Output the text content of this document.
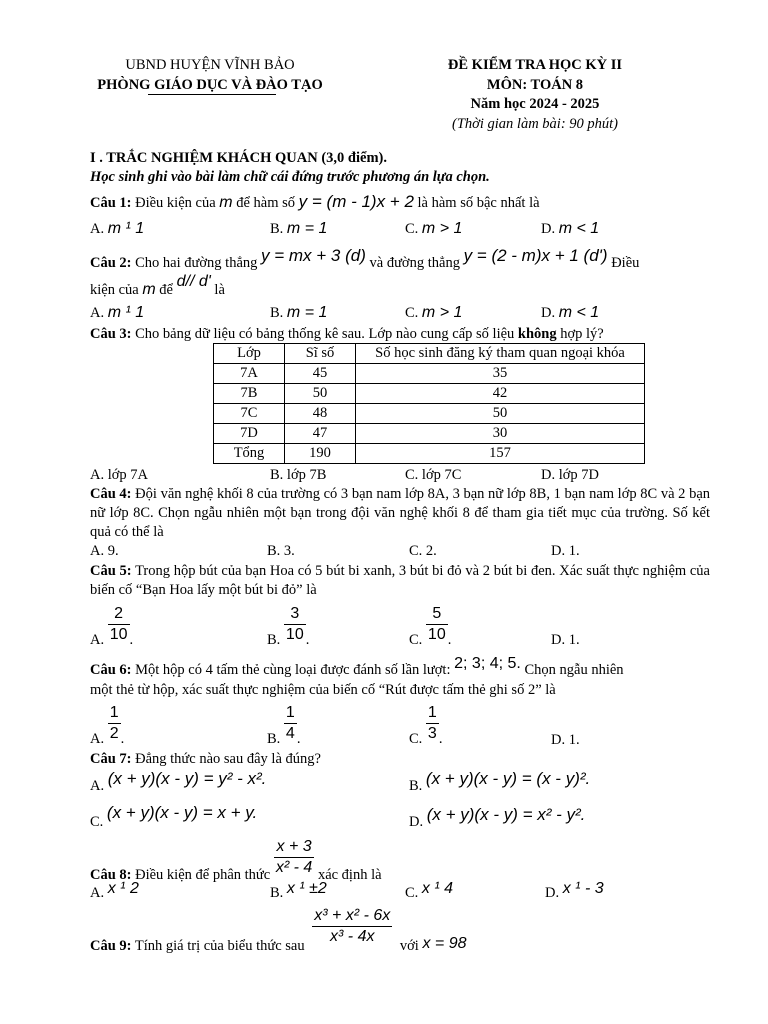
UBND HUYỆN VĨNH BẢO
PHÒNG GIÁO DỤC VÀ ĐÀO TẠO
ĐỀ KIỂM TRA HỌC KỲ II
MÔN: TOÁN 8
Năm học 2024 - 2025
(Thời gian làm bài: 90 phút)
I . TRẮC NGHIỆM KHÁCH QUAN (3,0 điểm).
Học sinh ghi vào bài làm chữ cái đứng trước phương án lựa chọn.
Câu 1: Điều kiện của m để hàm số y = (m - 1)x + 2 là hàm số bậc nhất là
A. m ¹ 1	B. m = 1	C. m > 1	D. m < 1
Câu 2: Cho hai đường thẳng y = mx + 3 (d) và đường thẳng y = (2 - m)x + 1 (d') Điều
kiện của m để d// d' là
A. m ¹ 1	B. m = 1	C. m > 1	D. m < 1
Câu 3: Cho bảng dữ liệu có bảng thống kê sau. Lớp nào cung cấp số liệu không hợp lý?
Lớp	Sĩ số	Số học sinh đăng ký tham quan ngoại khóa
7A	45	35
7B	50	42
7C	48	50
7D	47	30
Tổng	190	157
A. lớp 7A	B. lớp 7B	C. lớp 7C	D. lớp 7D
Câu 4: Đội văn nghệ khối 8 của trường có 3 bạn nam lớp 8A, 3 bạn nữ lớp 8B, 1 bạn nam lớp 8C và 2 bạn nữ lớp 8C. Chọn ngẫu nhiên một bạn trong đội văn nghệ khối 8 để tham gia tiết mục của trường. Số kết quả có thể là
A. 9.	B. 3.	C. 2.	D. 1.
Câu 5: Trong hộp bút của bạn Hoa có 5 bút bi xanh, 3 bút bi đỏ và 2 bút bi đen. Xác suất thực nghiệm của biến cố “Bạn Hoa lấy một bút bi đỏ” là
A. $\frac{2}{10}$ .	B. $\frac{3}{10}$ .	C. $\frac{5}{10}$ .	D. 1.
Câu 6: Một hộp có 4 tấm thẻ cùng loại được đánh số lần lượt: 2; 3; 4; 5. Chọn ngẫu nhiên
một thẻ từ hộp, xác suất thực nghiệm của biến cố “Rút được tấm thẻ ghi số 2” là
A. $\frac{1}{2}$ .	B. $\frac{1}{4}$ .	C. $\frac{1}{3}$ .	D. 1.
Câu 7: Đẳng thức nào sau đây là đúng?
A. (x + y)(x - y) = y² - x².	B. (x + y)(x - y) = (x - y)².
C. (x + y)(x - y) = x + y.	D. (x + y)(x - y) = x² - y².
Câu 8: Điều kiện để phân thức $\frac{x + 3}{\text{x² - 4}}$ xác định là
A. x ¹ 2	B. x ¹ ±2	C. x ¹ 4	D. x ¹ - 3
Câu 9: Tính giá trị của biểu thức sau $\frac{\text{x³ + x² - 6x}}{\text{x³ - 4x}}$ với x = 98
